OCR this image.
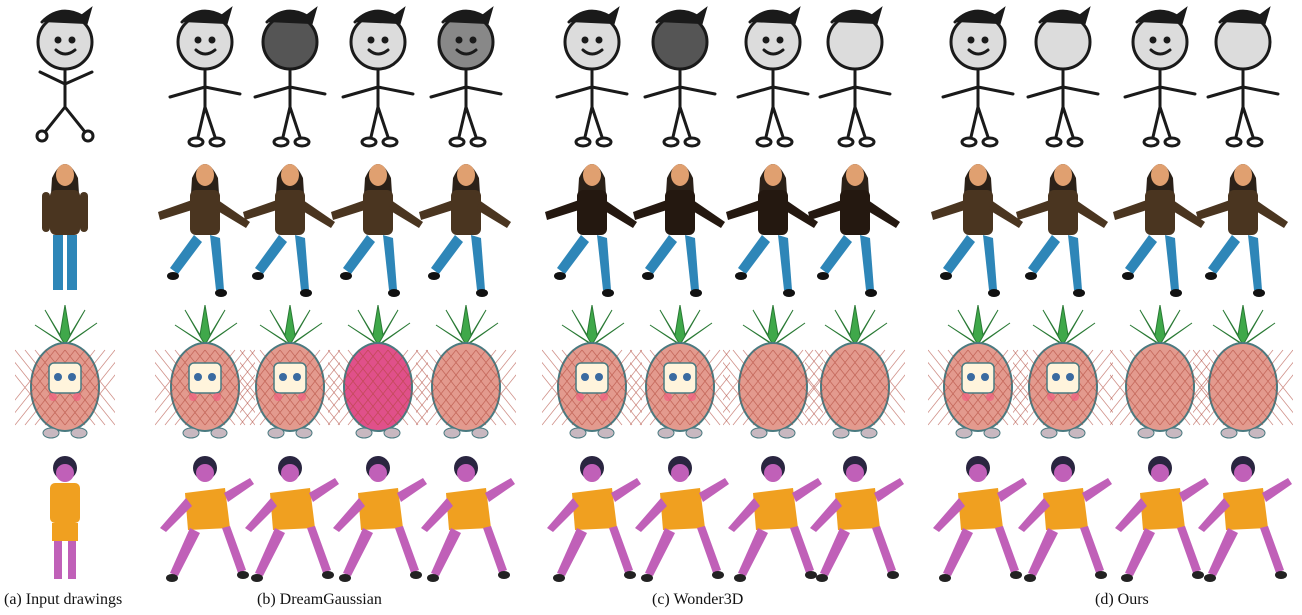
(a) Input drawings	(b) DreamGaussian	(c) Wonder3D	(d) Ours
